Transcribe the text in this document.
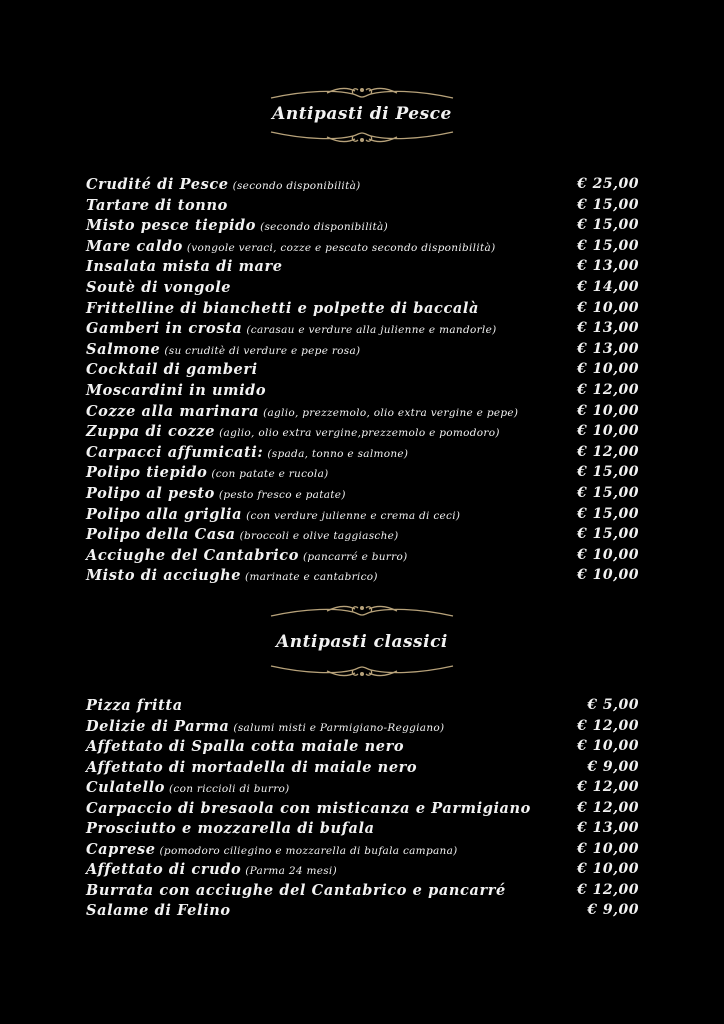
Antipasti di Pesce
Crudité di Pesce (secondo disponibilità)	€ 25,00
Tartare di tonno	€ 15,00
Misto pesce tiepido (secondo disponibilità)	€ 15,00
Mare caldo (vongole veraci, cozze e pescato secondo disponibilità)	€ 15,00
Insalata mista di mare	€ 13,00
Soutè di vongole	€ 14,00
Frittelline di bianchetti e polpette di baccalà	€ 10,00
Gamberi in crosta (carasau e verdure alla julienne e mandorle)	€ 13,00
Salmone (su cruditè di verdure e pepe rosa)	€ 13,00
Cocktail di gamberi	€ 10,00
Moscardini in umido	€ 12,00
Cozze alla marinara (aglio, prezzemolo, olio extra vergine e pepe)	€ 10,00
Zuppa di cozze (aglio, olio extra vergine,prezzemolo e pomodoro)	€ 10,00
Carpacci affumicati: (spada, tonno e salmone)	€ 12,00
Polipo tiepido (con patate e rucola)	€ 15,00
Polipo al pesto (pesto fresco e patate)	€ 15,00
Polipo alla griglia (con verdure julienne e crema di ceci)	€ 15,00
Polipo della Casa (broccoli e olive taggiasche)	€ 15,00
Acciughe del Cantabrico (pancarré e burro)	€ 10,00
Misto di acciughe (marinate e cantabrico)	€ 10,00
Antipasti classici
Pizza fritta	€ 5,00
Delizie di Parma (salumi misti e Parmigiano-Reggiano)	€ 12,00
Affettato di Spalla cotta maiale nero	€ 10,00
Affettato di mortadella di maiale nero	€ 9,00
Culatello (con riccioli di burro)	€ 12,00
Carpaccio di bresaola con misticanza e Parmigiano	€ 12,00
Prosciutto e mozzarella di bufala	€ 13,00
Caprese (pomodoro ciliegino e mozzarella di bufala campana)	€ 10,00
Affettato di crudo (Parma 24 mesi)	€ 10,00
Burrata con acciughe del Cantabrico e pancarré	€ 12,00
Salame di Felino	€ 9,00
